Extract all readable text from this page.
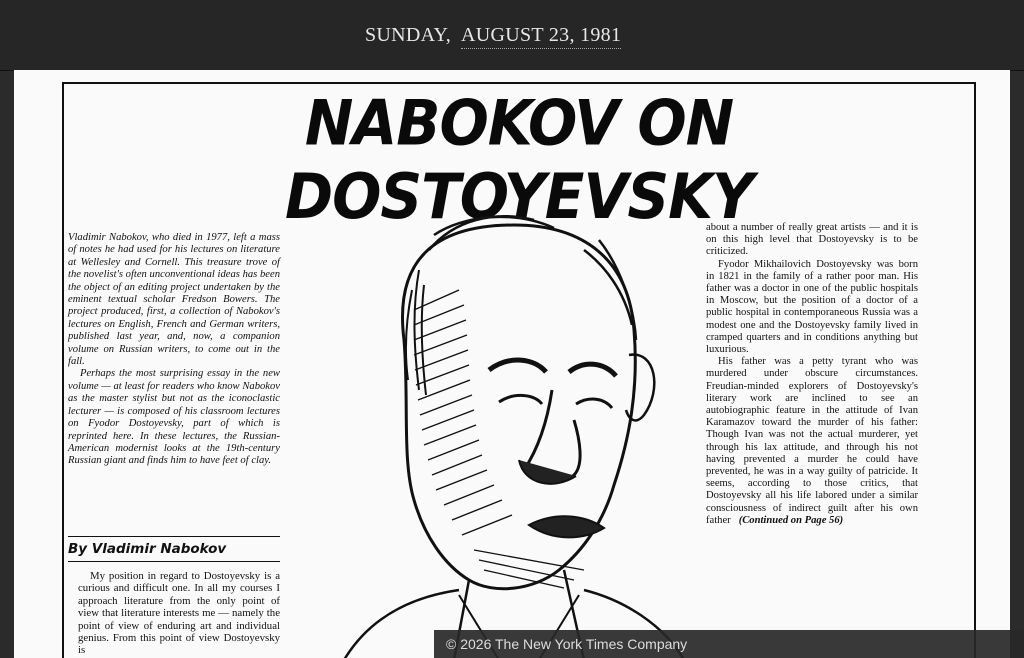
SUNDAY, AUGUST 23, 1981
NABOKOV ON DOSTOYEVSKY

Vladimir Nabokov, who died in 1977, left a mass of notes he had used for his lectures on literature at Wellesley and Cornell. This treasure trove of the novelist's often unconventional ideas has been the object of an editing project undertaken by the eminent textual scholar Fredson Bowers. The project produced, first, a collection of Nabokov's lectures on English, French and German writers, published last year, and, now, a companion volume on Russian writers, to come out in the fall.

Perhaps the most surprising essay in the new volume — at least for readers who know Nabokov as the master stylist but not as the iconoclastic lecturer — is composed of his classroom lectures on Fyodor Dostoyevsky, part of which is reprinted here. In these lectures, the Russian-American modernist looks at the 19th-century Russian giant and finds him to have feet of clay.

By Vladimir Nabokov

My position in regard to Dostoyevsky is a curious and difficult one. In all my courses I approach literature from the only point of view that literature interests me — namely the point of view of enduring art and individual genius. From this point of view Dostoyevsky is

about a number of really great artists — and it is on this high level that Dostoyevsky is to be criticized.

Fyodor Mikhailovich Dostoyevsky was born in 1821 in the family of a rather poor man. His father was a doctor in one of the public hospitals in Moscow, but the position of a doctor of a public hospital in contemporaneous Russia was a modest one and the Dostoyevsky family lived in cramped quarters and in conditions anything but luxurious.

His father was a petty tyrant who was murdered under obscure circumstances. Freudian-minded explorers of Dostoyevsky's literary work are inclined to see an autobiographic feature in the attitude of Ivan Karamazov toward the murder of his father: Though Ivan was not the actual murderer, yet through his lax attitude, and through his not having prevented a murder he could have prevented, he was in a way guilty of patricide. It seems, according to those critics, that Dostoyevsky all his life labored under a similar consciousness of indirect guilt after his own father (Continued on Page 56)

© 2026 The New York Times Company
